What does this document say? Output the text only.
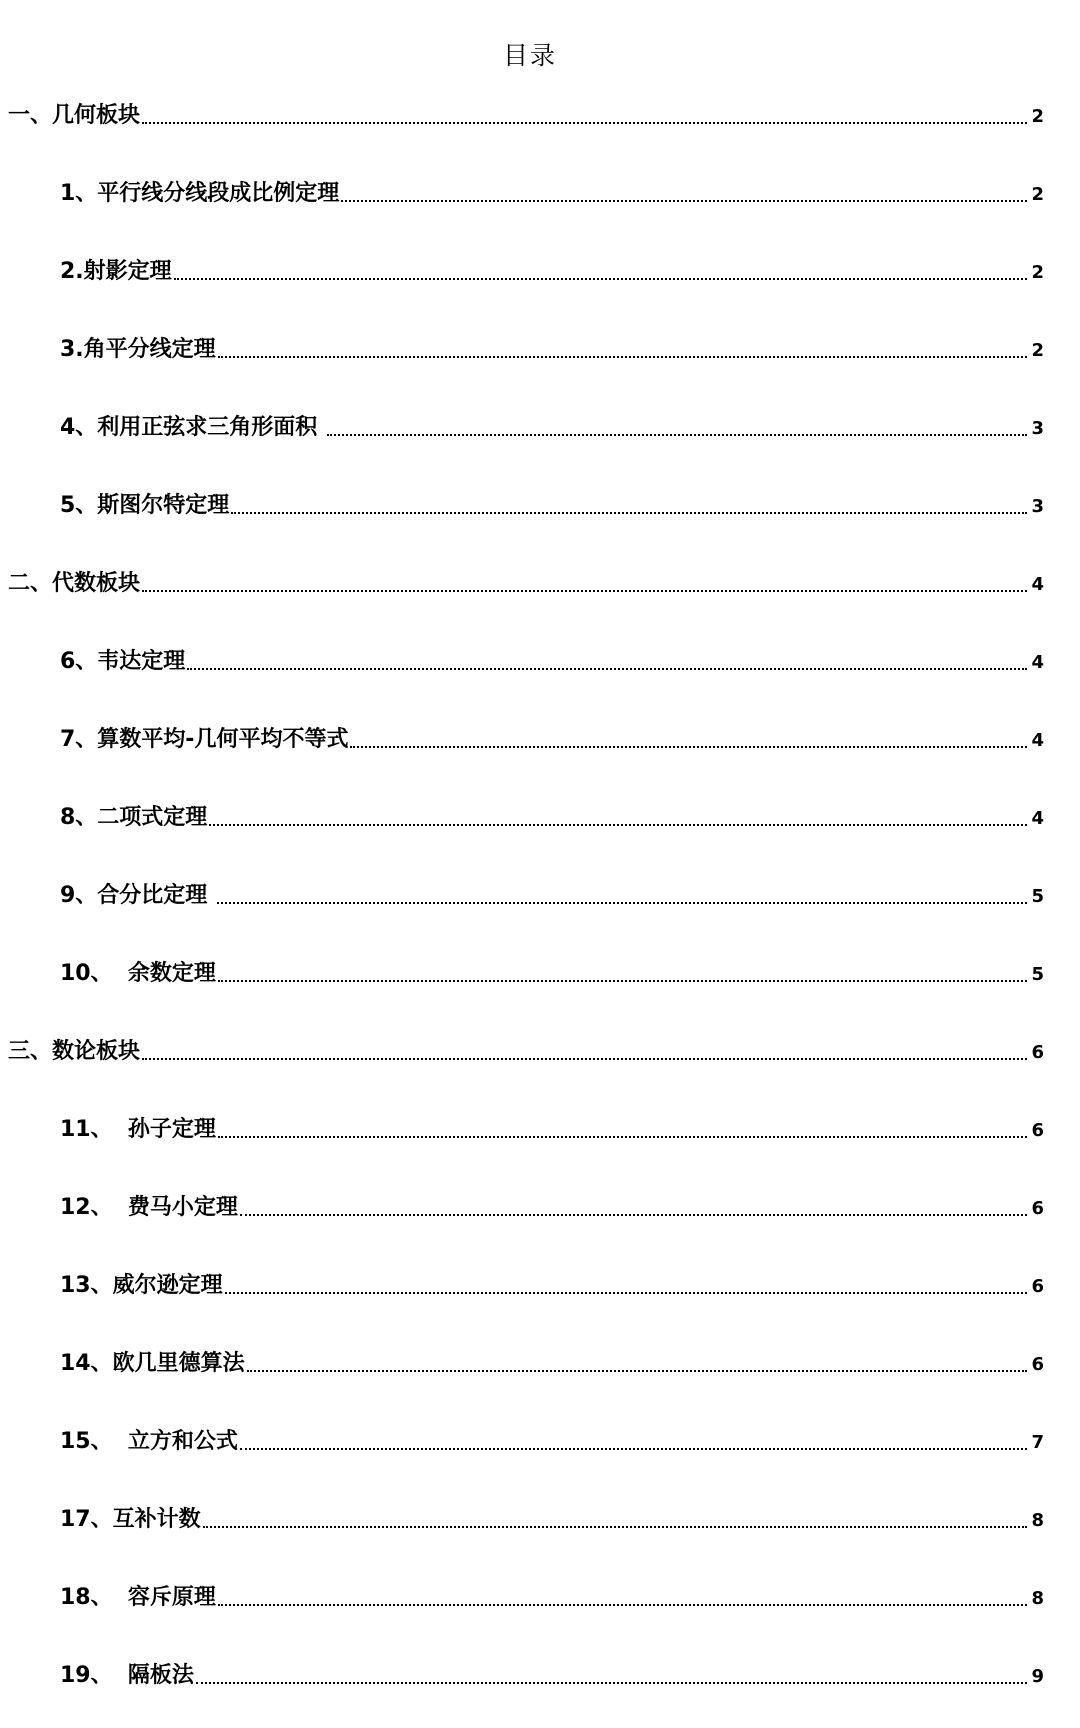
目录
一、几何板块	2
1、平行线分线段成比例定理	2
2.射影定理	2
3.角平分线定理	2
4、利用正弦求三角形面积	3
5、斯图尔特定理	3
二、代数板块	4
6、韦达定理	4
7、算数平均-几何平均不等式	4
8、二项式定理	4
9、合分比定理	5
10、  余数定理	5
三、数论板块	6
11、  孙子定理	6
12、  费马小定理	6
13、威尔逊定理	6
14、欧几里德算法	6
15、  立方和公式	7
17、互补计数	8
18、  容斥原理	8
19、  隔板法	9
